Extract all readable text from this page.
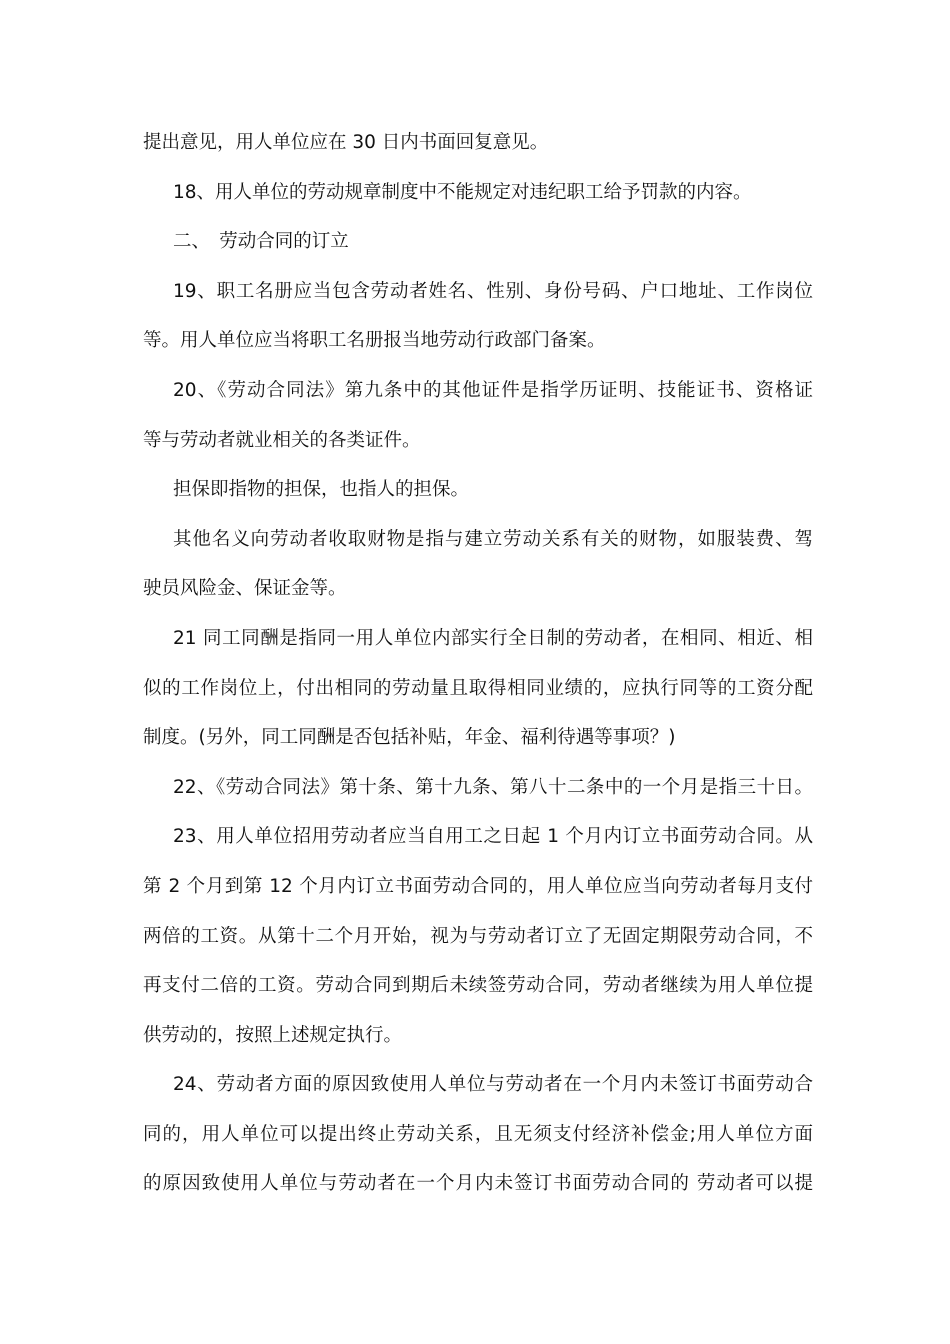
提出意见，用人单位应在 30 日内书面回复意见。
18、用人单位的劳动规章制度中不能规定对违纪职工给予罚款的内容。
二、　劳动合同的订立
19、职工名册应当包含劳动者姓名、性别、身份号码、户口地址、工作岗位
等。用人单位应当将职工名册报当地劳动行政部门备案。
20、《劳动合同法》第九条中的其他证件是指学历证明、技能证书、资格证
等与劳动者就业相关的各类证件。
担保即指物的担保，也指人的担保。
其他名义向劳动者收取财物是指与建立劳动关系有关的财物，如服装费、驾
驶员风险金、保证金等。
21 同工同酬是指同一用人单位内部实行全日制的劳动者，在相同、相近、相
似的工作岗位上，付出相同的劳动量且取得相同业绩的，应执行同等的工资分配
制度。(另外，同工同酬是否包括补贴，年金、福利待遇等事项？)
22、《劳动合同法》第十条、第十九条、第八十二条中的一个月是指三十日。
23、用人单位招用劳动者应当自用工之日起 1 个月内订立书面劳动合同。从
第 2 个月到第 12 个月内订立书面劳动合同的，用人单位应当向劳动者每月支付
两倍的工资。从第十二个月开始，视为与劳动者订立了无固定期限劳动合同，不
再支付二倍的工资。劳动合同到期后未续签劳动合同，劳动者继续为用人单位提
供劳动的，按照上述规定执行。
24、劳动者方面的原因致使用人单位与劳动者在一个月内未签订书面劳动合
同的，用人单位可以提出终止劳动关系，且无须支付经济补偿金;用人单位方面
的原因致使用人单位与劳动者在一个月内未签订书面劳动合同的 劳动者可以提
